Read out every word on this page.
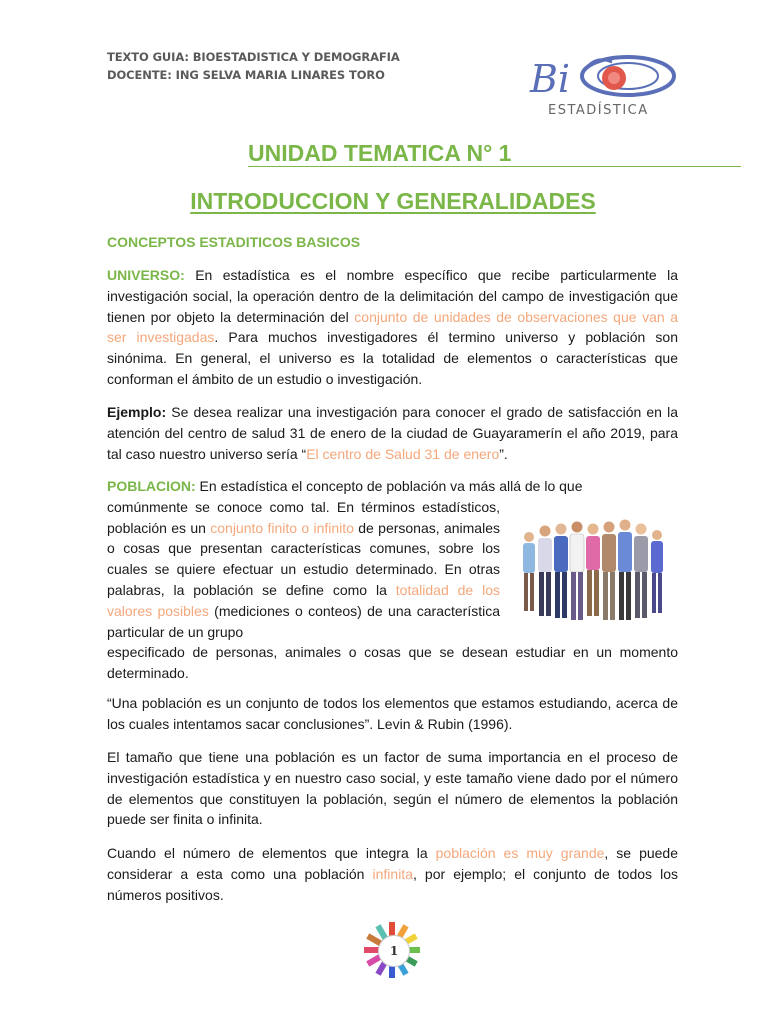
TEXTO GUIA: BIOESTADISTICA Y DEMOGRAFIA
DOCENTE: ING SELVA MARIA LINARES TORO	Bi
ESTADÍSTICA
UNIDAD TEMATICA N° 1
INTRODUCCION Y GENERALIDADES
CONCEPTOS ESTADITICOS BASICOS
UNIVERSO: En estadística es el nombre específico que recibe particularmente la investigación social, la operación dentro de la delimitación del campo de investigación que tienen por objeto la determinación del conjunto de unidades de observaciones que van a ser investigadas. Para muchos investigadores él termino universo y población son sinónima. En general, el universo es la totalidad de elementos o características que conforman el ámbito de un estudio o investigación.
Ejemplo: Se desea realizar una investigación para conocer el grado de satisfacción en la atención del centro de salud 31 de enero de la ciudad de Guayaramerín el año 2019, para tal caso nuestro universo sería “El centro de Salud 31 de enero”.
POBLACION: En estadística el concepto de población va más allá de lo que
comúnmente se conoce como tal. En términos estadísticos, población es un conjunto finito o infinito de personas, animales o cosas que presentan características comunes, sobre los cuales se quiere efectuar un estudio determinado. En otras palabras, la población se define como la totalidad de los valores posibles (mediciones o conteos) de una característica particular de un grupo
especificado de personas, animales o cosas que se desean estudiar en un momento determinado.
“Una población es un conjunto de todos los elementos que estamos estudiando, acerca de los cuales intentamos sacar conclusiones”. Levin & Rubin (1996).
El tamaño que tiene una población es un factor de suma importancia en el proceso de investigación estadística y en nuestro caso social, y este tamaño viene dado por el número de elementos que constituyen la población, según el número de elementos la población puede ser finita o infinita.
Cuando el número de elementos que integra la población es muy grande, se puede considerar a esta como una población infinita, por ejemplo; el conjunto de todos los números positivos.
1
